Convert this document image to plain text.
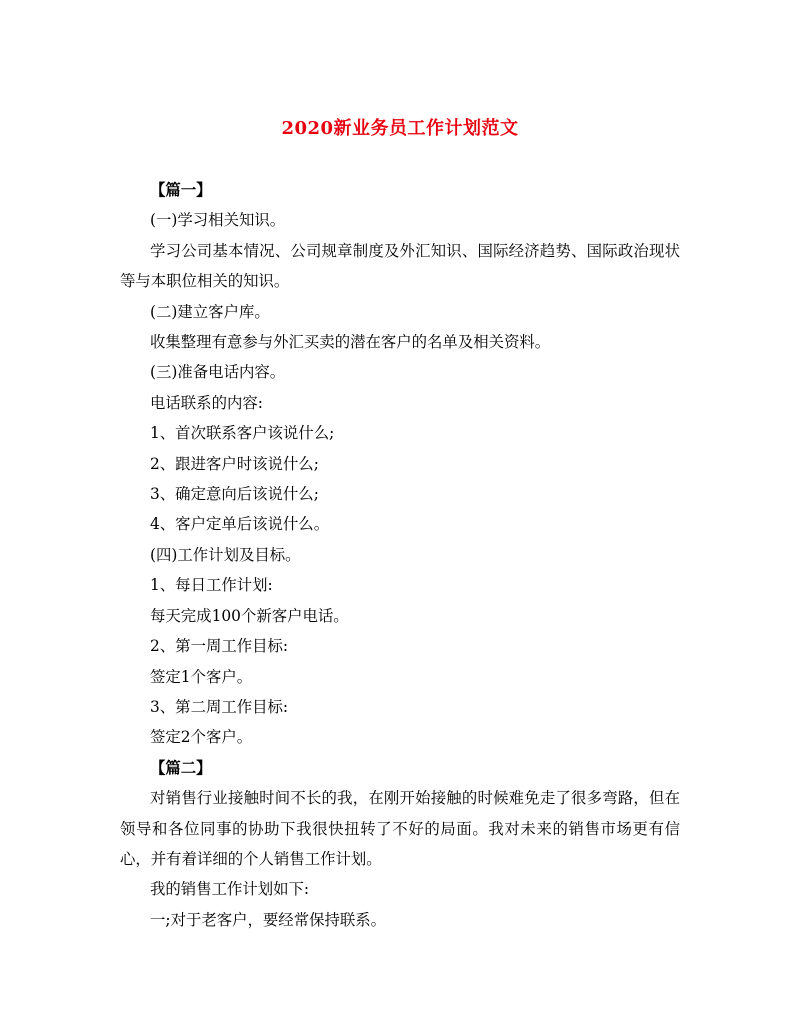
2020新业务员工作计划范文

【篇一】

(一)学习相关知识。

学习公司基本情况、公司规章制度及外汇知识、国际经济趋势、国际政治现状等与本职位相关的知识。

(二)建立客户库。

收集整理有意参与外汇买卖的潜在客户的名单及相关资料。

(三)准备电话内容。

电话联系的内容:

1、首次联系客户该说什么;

2、跟进客户时该说什么;

3、确定意向后该说什么;

4、客户定单后该说什么。

(四)工作计划及目标。

1、每日工作计划:

每天完成100个新客户电话。

2、第一周工作目标:

签定1个客户。

3、第二周工作目标:

签定2个客户。

【篇二】

对销售行业接触时间不长的我，在刚开始接触的时候难免走了很多弯路，但在领导和各位同事的协助下我很快扭转了不好的局面。我对未来的销售市场更有信心，并有着详细的个人销售工作计划。

我的销售工作计划如下:

一;对于老客户，要经常保持联系。
